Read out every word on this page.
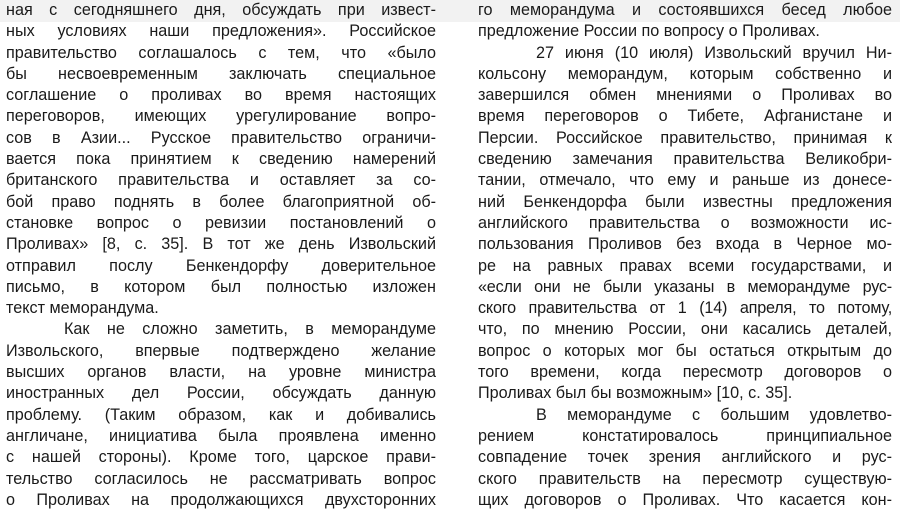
ная с сегодняшнего дня, обсуждать при извест-
ных условиях наши предложения». Российское
правительство соглашалось с тем, что «было
бы несвоевременным заключать специальное
соглашение о проливах во время настоящих
переговоров, имеющих урегулирование вопро-
сов в Азии... Русское правительство ограничи-
вается пока принятием к сведению намерений
британского правительства и оставляет за со-
бой право поднять в более благоприятной об-
становке вопрос о ревизии постановлений о
Проливах» [8, с. 35]. В тот же день Извольский
отправил послу Бенкендорфу доверительное
письмо, в котором был полностью изложен
текст меморандума.
Как не сложно заметить, в меморандуме
Извольского, впервые подтверждено желание
высших органов власти, на уровне министра
иностранных дел России, обсуждать данную
проблему. (Таким образом, как и добивались
англичане, инициатива была проявлена именно
с нашей стороны). Кроме того, царское прави-
тельство согласилось не рассматривать вопрос
о Проливах на продолжающихся двухсторонних
го меморандума и состоявшихся бесед любое
предложение России по вопросу о Проливах.
27 июня (10 июля) Извольский вручил Ни-
кольсону меморандум, которым собственно и
завершился обмен мнениями о Проливах во
время переговоров о Тибете, Афганистане и
Персии. Российское правительство, принимая к
сведению замечания правительства Великобри-
тании, отмечало, что ему и раньше из донесе-
ний Бенкендорфа были известны предложения
английского правительства о возможности ис-
пользования Проливов без входа в Черное мо-
ре на равных правах всеми государствами, и
«если они не были указаны в меморандуме рус-
ского правительства от 1 (14) апреля, то потому,
что, по мнению России, они касались деталей,
вопрос о которых мог бы остаться открытым до
того времени, когда пересмотр договоров о
Проливах был бы возможным» [10, с. 35].
В меморандуме с большим удовлетво-
рением констатировалось принципиальное
совпадение точек зрения английского и рус-
ского правительств на пересмотр существую-
щих договоров о Проливах. Что касается кон-
